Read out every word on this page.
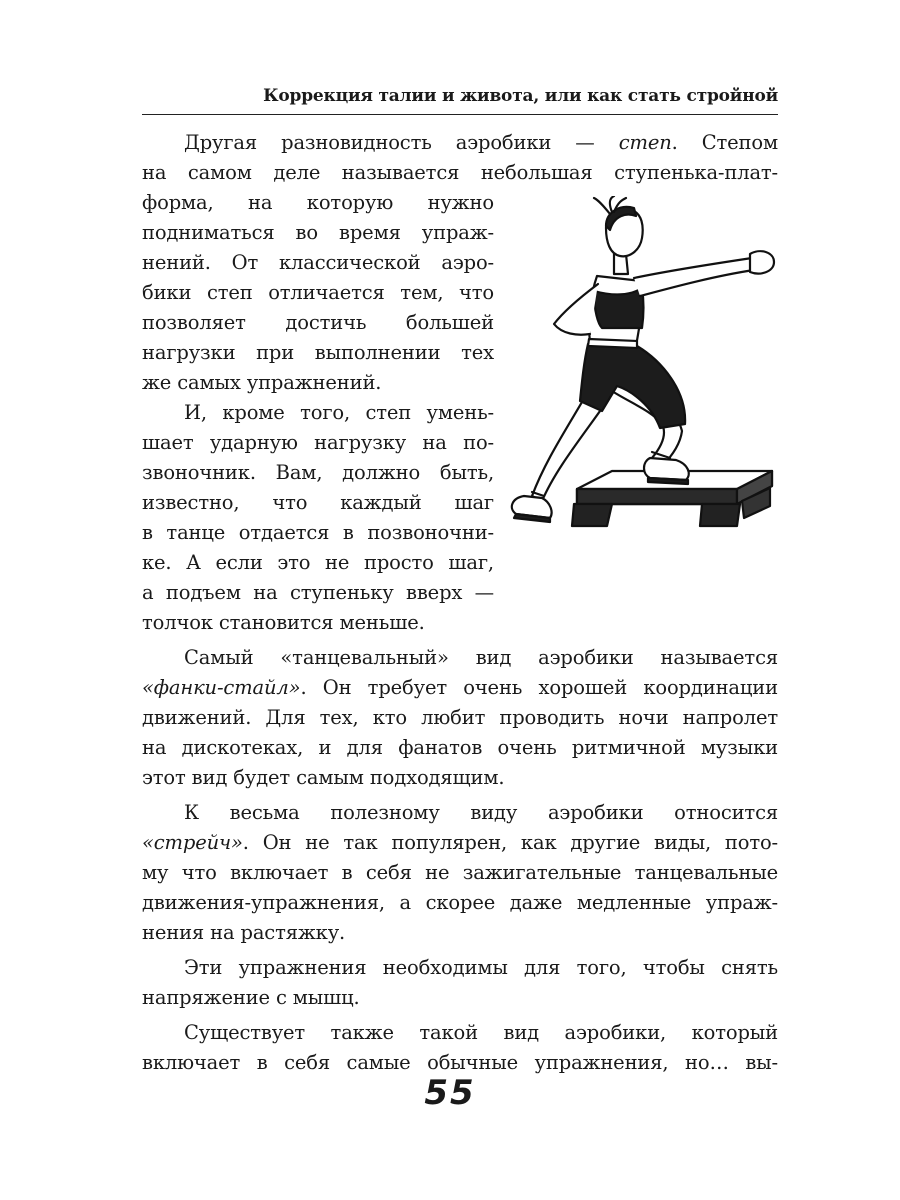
Коррекция талии и живота, или как стать стройной
Другая разновидность аэробики — степ. Степом
на самом деле называется небольшая ступенька-плат-
форма, на которую нужно
подниматься во время упраж-
нений. От классической аэро-
бики степ отличается тем, что
позволяет достичь большей
нагрузки при выполнении тех
же самых упражнений.
И, кроме того, степ умень-
шает ударную нагрузку на по-
звоночник. Вам, должно быть,
известно, что каждый шаг
в танце отдается в позвоночни-
ке. А если это не просто шаг,
а подъем на ступеньку вверх —
толчок становится меньше.
Самый «танцевальный» вид аэробики называется
«фанки-стайл». Он требует очень хорошей координации
движений. Для тех, кто любит проводить ночи напролет
на дискотеках, и для фанатов очень ритмичной музыки
этот вид будет самым подходящим.
К весьма полезному виду аэробики относится
«стрейч». Он не так популярен, как другие виды, пото-
му что включает в себя не зажигательные танцевальные
движения-упражнения, а скорее даже медленные упраж-
нения на растяжку.
Эти упражнения необходимы для того, чтобы снять
напряжение с мышц.
Существует также такой вид аэробики, который
включает в себя самые обычные упражнения, но… вы-
55
